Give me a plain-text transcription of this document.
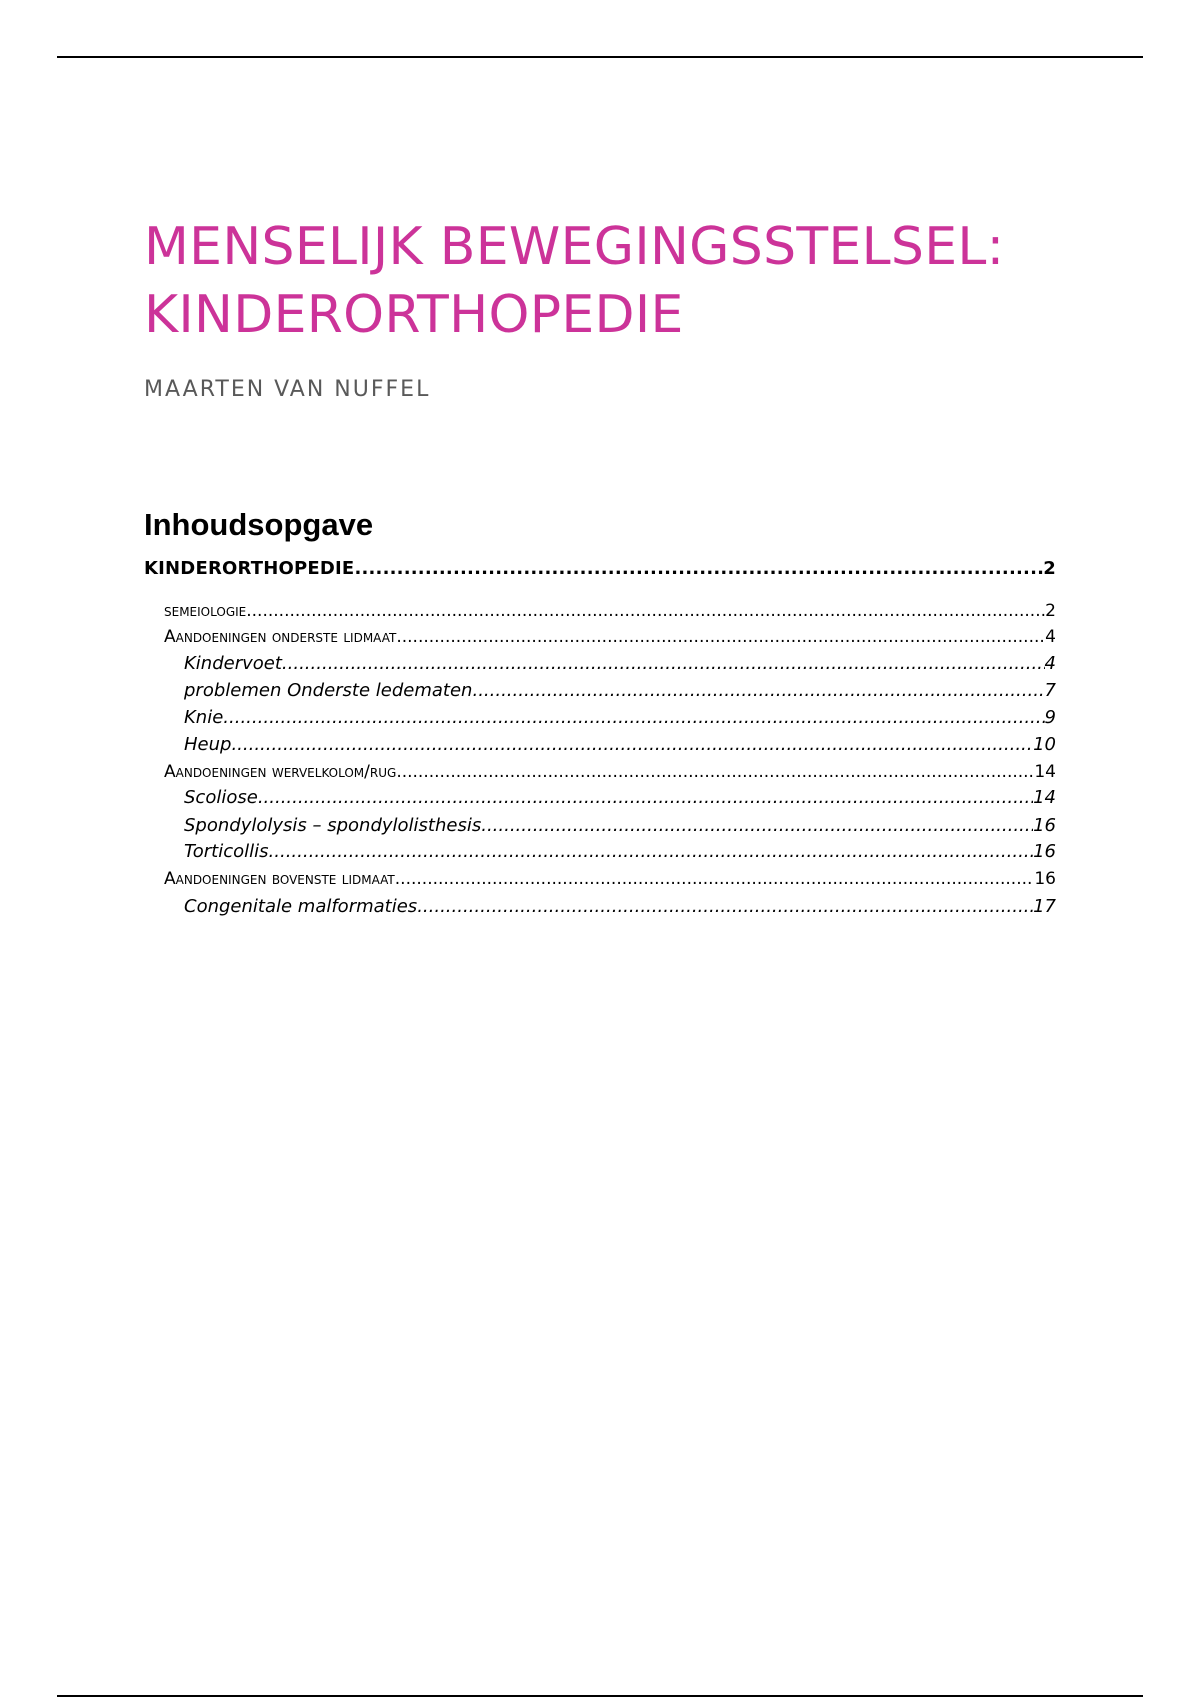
MENSELIJK BEWEGINGSSTELSEL:
KINDERORTHOPEDIE

MAARTEN VAN NUFFEL

Inhoudsopgave
KINDERORTHOPEDIE .....	2
semeiologie .....	2
Aandoeningen onderste lidmaat .....	4
Kindervoet .....	4
problemen Onderste ledematen .....	7
Knie .....	9
Heup .....	10
Aandoeningen wervelkolom/rug .....	14
Scoliose .....	14
Spondylolysis – spondylolisthesis .....	16
Torticollis .....	16
Aandoeningen bovenste lidmaat .....	16
Congenitale malformaties .....	17
